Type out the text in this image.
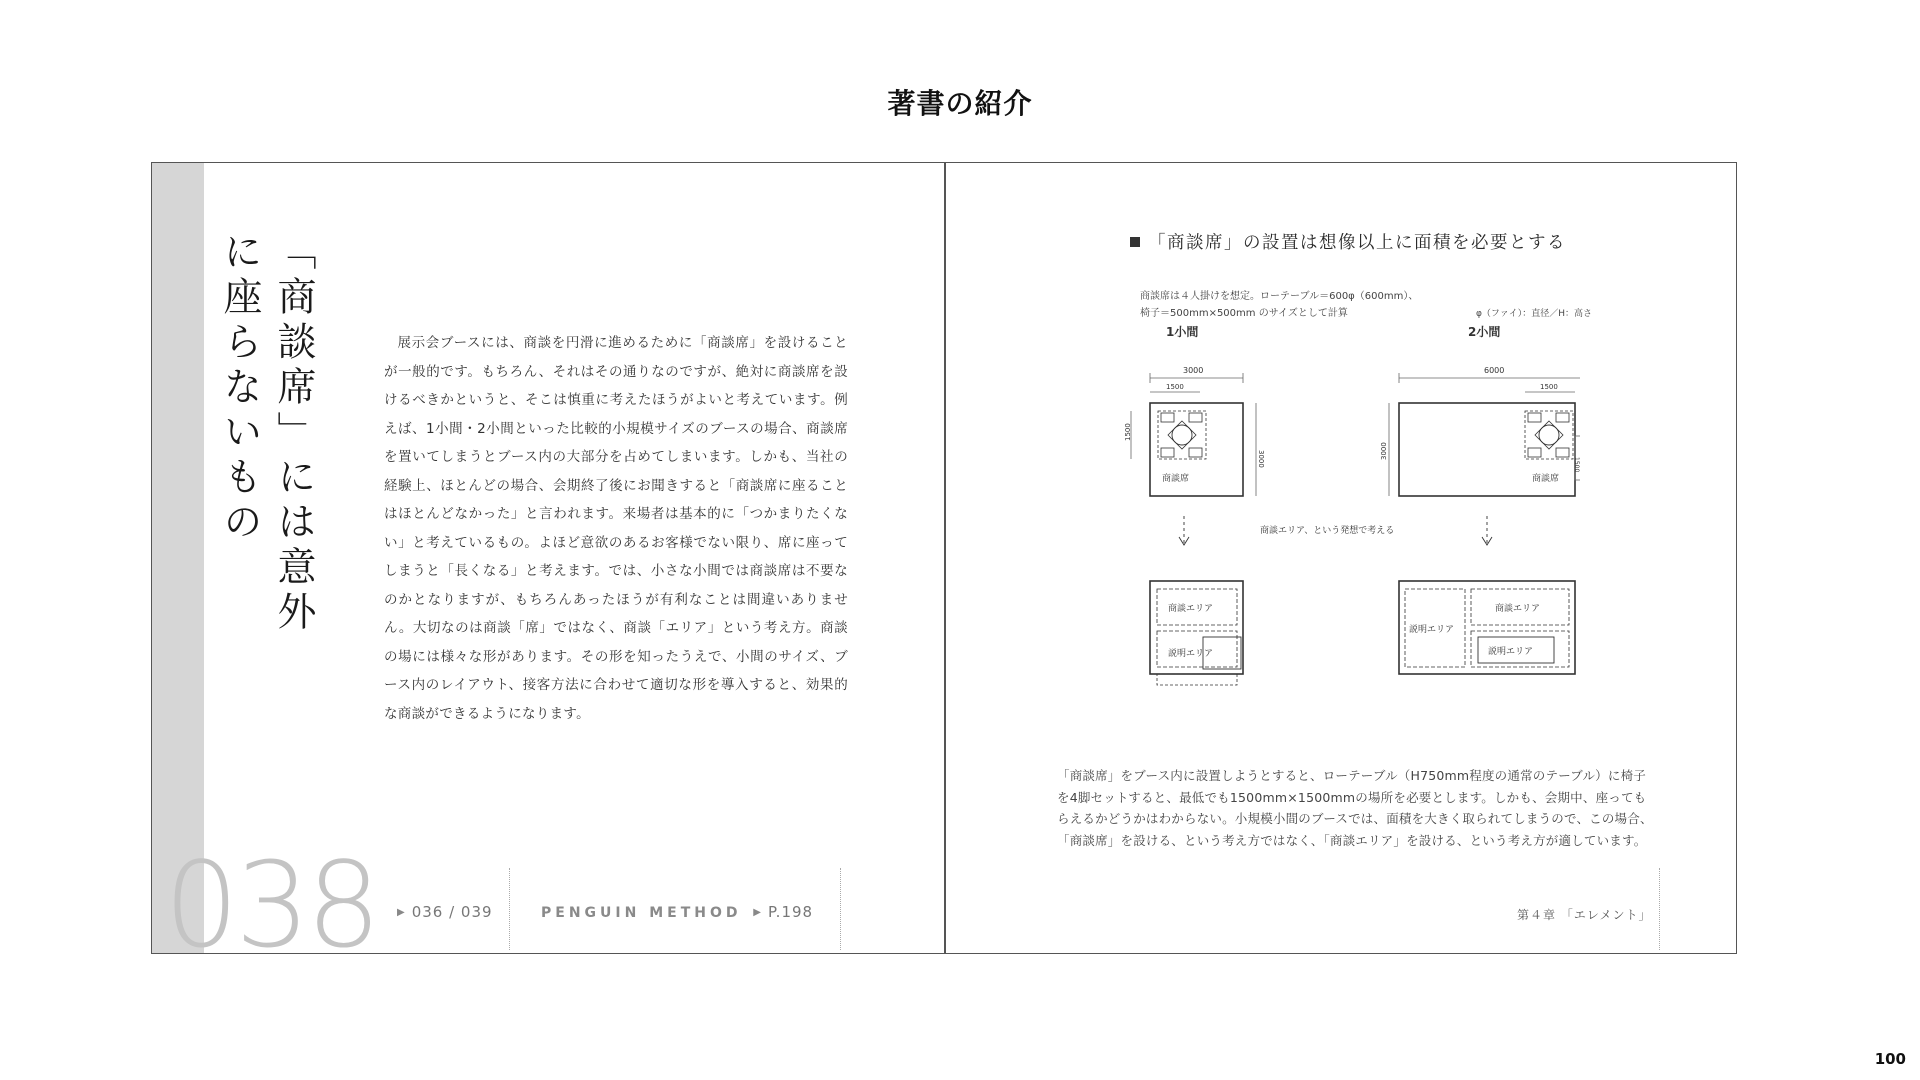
著書の紹介
「商談席」には意外に座らないもの	展示会ブースには、商談を円滑に進めるために「商談席」を設けることが一般的です。もちろん、それはその通りなのですが、絶対に商談席を設けるべきかというと、そこは慎重に考えたほうがよいと考えています。例えば、1小間・2小間といった比較的小規模サイズのブースの場合、商談席を置いてしまうとブース内の大部分を占めてしまいます。しかも、当社の経験上、ほとんどの場合、会期終了後にお聞きすると「商談席に座ることはほとんどなかった」と言われます。来場者は基本的に「つかまりたくない」と考えているもの。よほど意欲のあるお客様でない限り、席に座ってしまうと「長くなる」と考えます。では、小さな小間では商談席は不要なのかとなりますが、もちろんあったほうが有利なことは間違いありません。大切なのは商談「席」ではなく、商談「エリア」という考え方。商談の場には様々な形があります。その形を知ったうえで、小間のサイズ、ブース内のレイアウト、接客方法に合わせて適切な形を導入すると、効果的な商談ができるようになります。
038 ▶ 036 / 039	PENGUIN METHOD ▶ P.198
「商談席」の設置は想像以上に面積を必要とする
商談席は４人掛けを想定。ローテーブル＝600φ（600mm）、
椅子＝500mm×500mm のサイズとして計算	φ（ファイ）：直径／H：高さ
1小間	2小間
3000
1500
商談席
1500
3000
6000
1500
商談席
3000
1500
商談エリア、という発想で考える
商談エリア
説明エリア
説明エリア
商談エリア
説明エリア
「商談席」をブース内に設置しようとすると、ローテーブル（H750mm程度の通常のテーブル）に椅子を4脚セットすると、最低でも1500mm×1500mmの場所を必要とします。しかも、会期中、座ってもらえるかどうかはわからない。小規模小間のブースでは、面積を大きく取られてしまうので、この場合、「商談席」を設ける、という考え方ではなく、「商談エリア」を設ける、という考え方が適しています。
第４章 「エレメント」
100
